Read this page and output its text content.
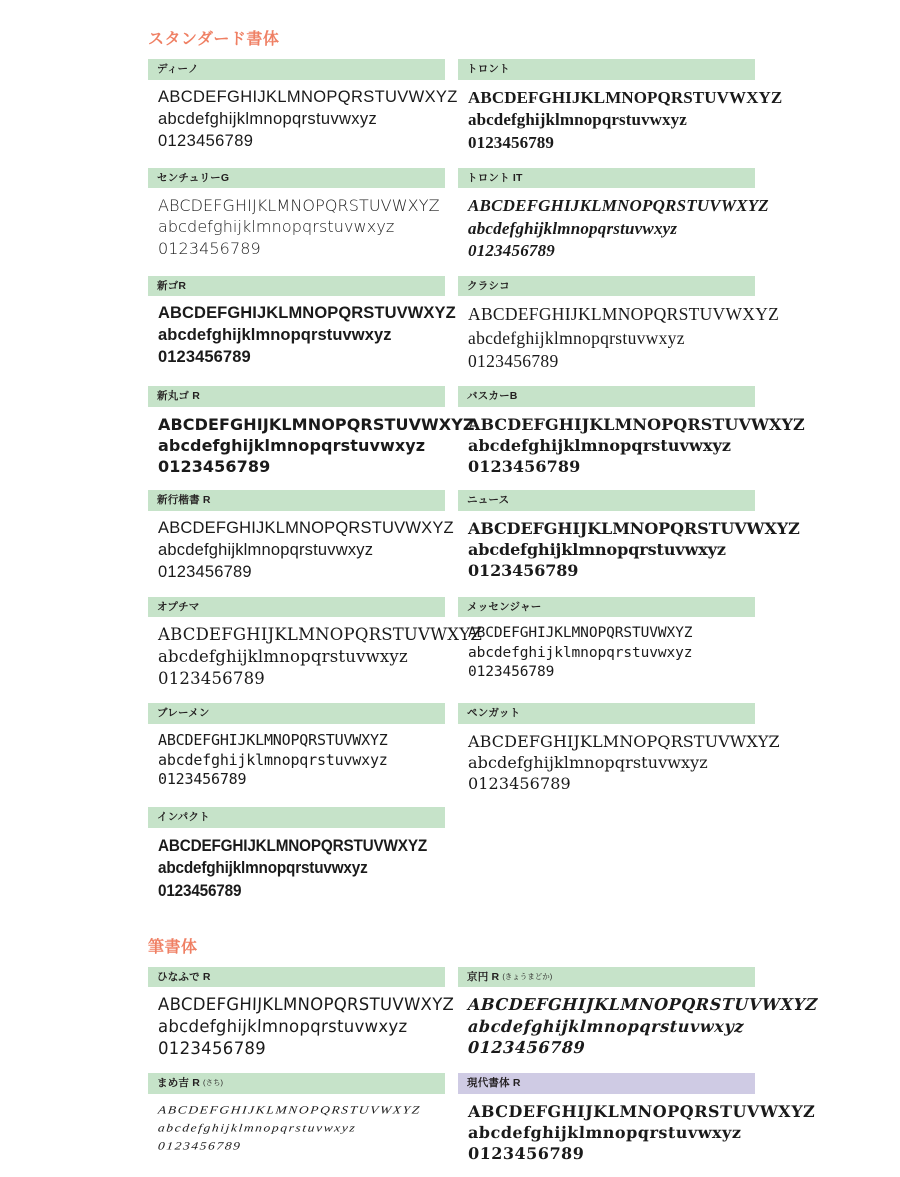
スタンダード書体
ディーノ
ABCDEFGHIJKLMNOPQRSTUVWXYZ
abcdefghijklmnopqrstuvwxyz
0123456789
トロント
ABCDEFGHIJKLMNOPQRSTUVWXYZ
abcdefghijklmnopqrstuvwxyz
0123456789
センチュリーG
ABCDEFGHIJKLMNOPQRSTUVWXYZ
abcdefghijklmnopqrstuvwxyz
0123456789
トロント IT
ABCDEFGHIJKLMNOPQRSTUVWXYZ
abcdefghijklmnopqrstuvwxyz
0123456789
新ゴR
ABCDEFGHIJKLMNOPQRSTUVWXYZ
abcdefghijklmnopqrstuvwxyz
0123456789
クラシコ
ABCDEFGHIJKLMNOPQRSTUVWXYZ
abcdefghijklmnopqrstuvwxyz
0123456789
新丸ゴ R
ABCDEFGHIJKLMNOPQRSTUVWXYZ
abcdefghijklmnopqrstuvwxyz
0123456789
バスカーB
ABCDEFGHIJKLMNOPQRSTUVWXYZ
abcdefghijklmnopqrstuvwxyz
0123456789
新行楷書 R
ABCDEFGHIJKLMNOPQRSTUVWXYZ
abcdefghijklmnopqrstuvwxyz
0123456789
ニュース
ABCDEFGHIJKLMNOPQRSTUVWXYZ
abcdefghijklmnopqrstuvwxyz
0123456789
オプチマ
ABCDEFGHIJKLMNOPQRSTUVWXYZ
abcdefghijklmnopqrstuvwxyz
0123456789
メッセンジャー
ABCDEFGHIJKLMNOPQRSTUVWXYZ
abcdefghijklmnopqrstuvwxyz
0123456789
ブレーメン
ABCDEFGHIJKLMNOPQRSTUVWXYZ
abcdefghijklmnopqrstuvwxyz
0123456789
ペンガット
ABCDEFGHIJKLMNOPQRSTUVWXYZ
abcdefghijklmnopqrstuvwxyz
0123456789
インパクト
ABCDEFGHIJKLMNOPQRSTUVWXYZ
abcdefghijklmnopqrstuvwxyz
0123456789
筆書体
ひなふで R
ABCDEFGHIJKLMNOPQRSTUVWXYZ
abcdefghijklmnopqrstuvwxyz
0123456789
京円 R (きょうまどか)
ABCDEFGHIJKLMNOPQRSTUVWXYZ
abcdefghijklmnopqrstuvwxyz
0123456789
まめ吉 R (さち)
ABCDEFGHIJKLMNOPQRSTUVWXYZ
abcdefghijklmnopqrstuvwxyz
0123456789
現代書体 R
ABCDEFGHIJKLMNOPQRSTUVWXYZ
abcdefghijklmnopqrstuvwxyz
0123456789
